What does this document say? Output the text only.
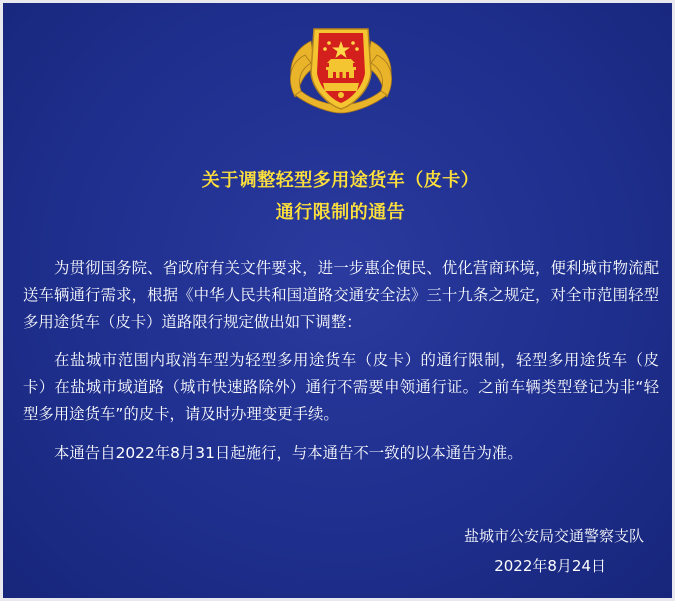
关于调整轻型多用途货车（皮卡）
通行限制的通告
为贯彻国务院、省政府有关文件要求，进一步惠企便民、优化营商环境，便利城市物流配送车辆通行需求，根据《中华人民共和国道路交通安全法》三十九条之规定，对全市范围轻型多用途货车（皮卡）道路限行规定做出如下调整：
在盐城市范围内取消车型为轻型多用途货车（皮卡）的通行限制，轻型多用途货车（皮卡）在盐城市域道路（城市快速路除外）通行不需要申领通行证。之前车辆类型登记为非“轻型多用途货车”的皮卡，请及时办理变更手续。
本通告自2022年8月31日起施行，与本通告不一致的以本通告为准。
盐城市公安局交通警察支队
2022年8月24日
